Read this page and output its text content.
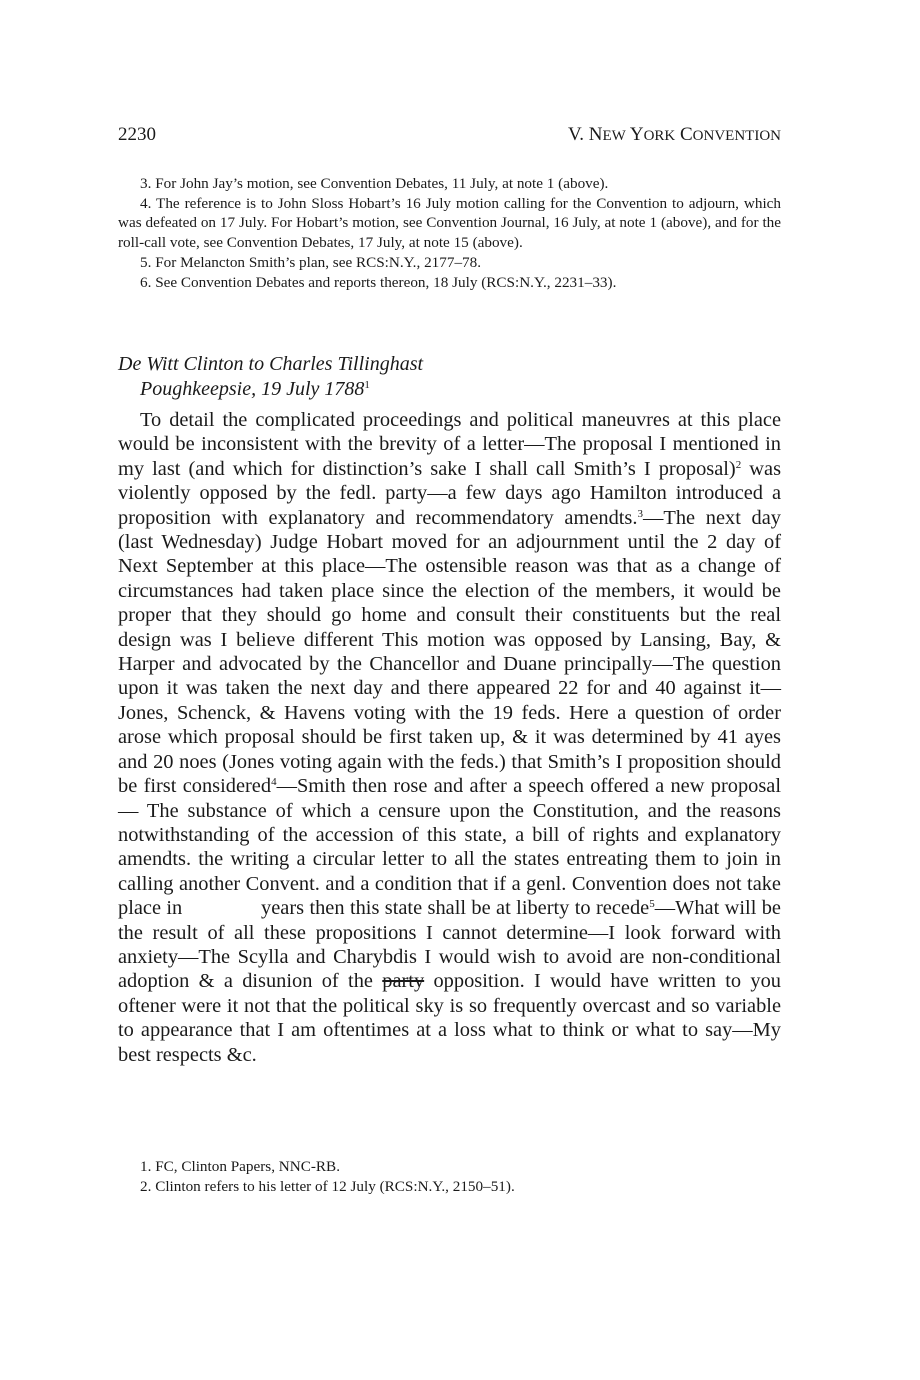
2230	V. NEW YORK CONVENTION

3. For John Jay’s motion, see Convention Debates, 11 July, at note 1 (above).

4. The reference is to John Sloss Hobart’s 16 July motion calling for the Convention to adjourn, which was defeated on 17 July. For Hobart’s motion, see Convention Journal, 16 July, at note 1 (above), and for the roll-call vote, see Convention Debates, 17 July, at note 15 (above).

5. For Melancton Smith’s plan, see RCS:N.Y., 2177–78.

6. See Convention Debates and reports thereon, 18 July (RCS:N.Y., 2231–33).

De Witt Clinton to Charles Tillinghast
Poughkeepsie, 19 July 1788$^1$

To detail the complicated proceedings and political maneuvres at this place would be inconsistent with the brevity of a letter—The proposal I mentioned in my last (and which for distinction’s sake I shall call Smith’s I proposal)$^2$ was violently opposed by the fedl. party—a few days ago Hamilton introduced a proposition with explanatory and recommendatory amendts.$^3$—The next day (last Wednesday) Judge Hobart moved for an adjournment until the 2 day of Next September at this place—The ostensible reason was that as a change of circumstances had taken place since the election of the members, it would be proper that they should go home and consult their constituents but the real design was I believe different This motion was opposed by Lansing, Bay, & Harper and advocated by the Chancellor and Duane principally—The question upon it was taken the next day and there appeared 22 for and 40 against it—Jones, Schenck, & Havens voting with the 19 feds. Here a question of order arose which proposal should be first taken up, & it was determined by 41 ayes and 20 noes (Jones voting again with the feds.) that Smith’s I proposition should be first considered$^4$—Smith then rose and after a speech offered a new proposal— The substance of which a censure upon the Constitution, and the reasons notwithstanding of the accession of this state, a bill of rights and explanatory amendts. the writing a circular letter to all the states entreating them to join in calling another Convent. and a condition that if a genl. Convention does not take place in	years then this state shall be at liberty to recede$^5$—What will be the result of all these propositions I cannot determine—I look forward with anxiety—The Scylla and Charybdis I would wish to avoid are non-conditional adoption & a disunion of the party opposition. I would have written to you oftener were it not that the political sky is so frequently overcast and so variable to appearance that I am oftentimes at a loss what to think or what to say—My best respects &c.

1. FC, Clinton Papers, NNC-RB.

2. Clinton refers to his letter of 12 July (RCS:N.Y., 2150–51).
